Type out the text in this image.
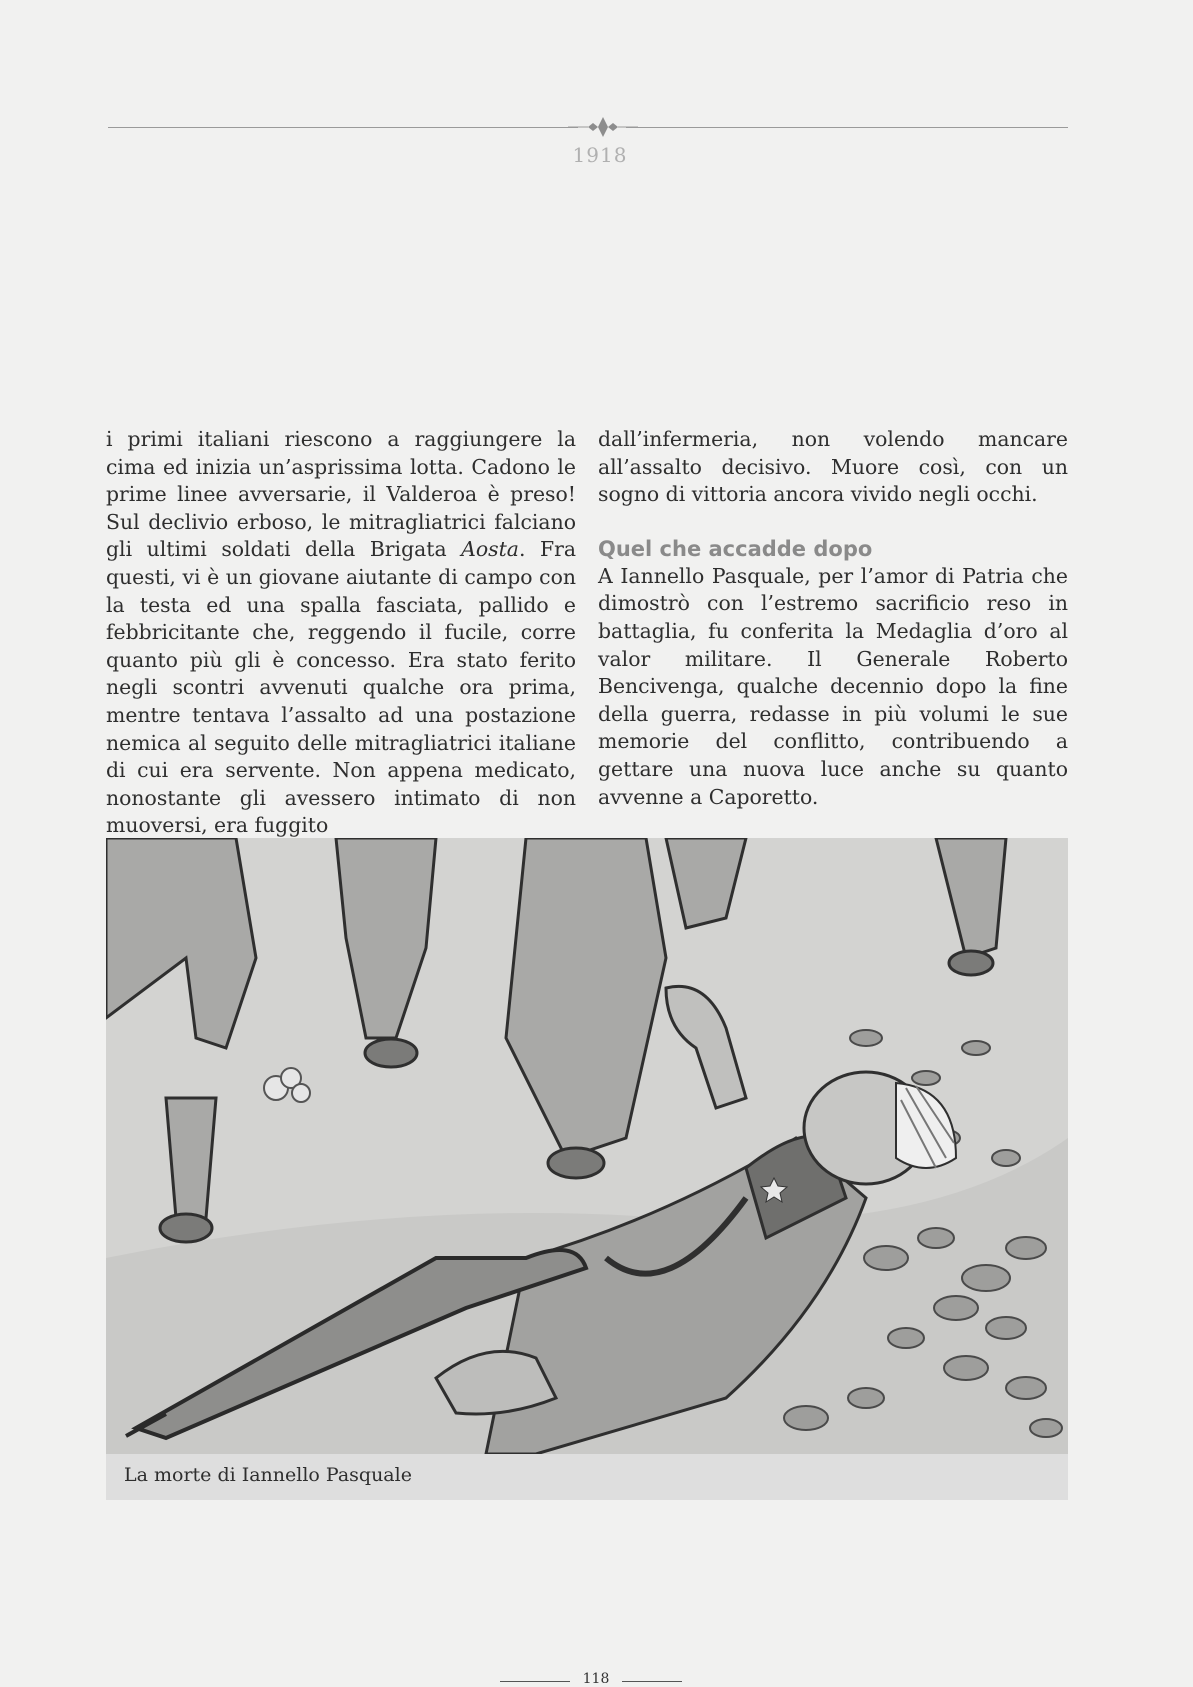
1918

i primi italiani riescono a raggiungere la cima ed inizia un’asprissima lotta. Cadono le prime linee avversarie, il Valderoa è preso! Sul declivio erboso, le mitragliatrici falciano gli ultimi soldati della Brigata Aosta. Fra questi, vi è un giovane aiutante di campo con la testa ed una spalla fasciata, pallido e febbricitante che, reggendo il fucile, corre quanto più gli è concesso. Era stato ferito negli scontri avvenuti qualche ora prima, mentre tentava l’assalto ad una postazione nemica al seguito delle mitragliatrici italiane di cui era servente. Non appena medicato, nonostante gli avessero intimato di non muoversi, era fuggito

dall’infermeria, non volendo mancare all’assalto decisivo. Muore così, con un sogno di vittoria ancora vivido negli occhi.

Quel che accadde dopo

A Iannello Pasquale, per l’amor di Patria che dimostrò con l’estremo sacrificio reso in battaglia, fu conferita la Medaglia d’oro al valor militare. Il Generale Roberto Bencivenga, qualche decennio dopo la fine della guerra, redasse in più volumi le sue memorie del conflitto, contribuendo a gettare una nuova luce anche su quanto avvenne a Caporetto.

La morte di Iannello Pasquale
118
